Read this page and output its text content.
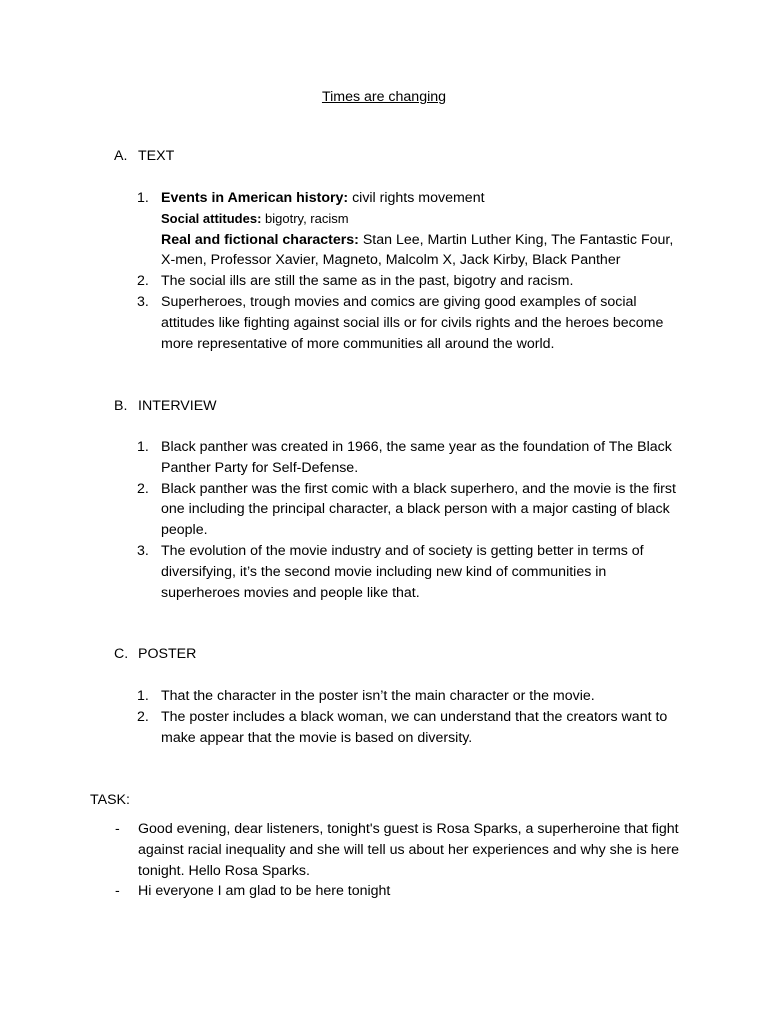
Times are changing
A. TEXT
1. Events in American history: civil rights movement
Social attitudes: bigotry, racism
Real and fictional characters: Stan Lee, Martin Luther King, The Fantastic Four, X-men, Professor Xavier, Magneto, Malcolm X, Jack Kirby, Black Panther
2. The social ills are still the same as in the past, bigotry and racism.
3. Superheroes, trough movies and comics are giving good examples of social attitudes like fighting against social ills or for civils rights and the heroes become more representative of more communities all around the world.
B. INTERVIEW
1. Black panther was created in 1966, the same year as the foundation of The Black Panther Party for Self-Defense.
2. Black panther was the first comic with a black superhero, and the movie is the first one including the principal character, a black person with a major casting of black people.
3. The evolution of the movie industry and of society is getting better in terms of diversifying, it’s the second movie including new kind of communities in superheroes movies and people like that.
C. POSTER
1. That the character in the poster isn’t the main character or the movie.
2. The poster includes a black woman, we can understand that the creators want to make appear that the movie is based on diversity.
TASK:
- Good evening, dear listeners, tonight's guest is Rosa Sparks, a superheroine that fight against racial inequality and she will tell us about her experiences and why she is here tonight. Hello Rosa Sparks.
- Hi everyone I am glad to be here tonight
